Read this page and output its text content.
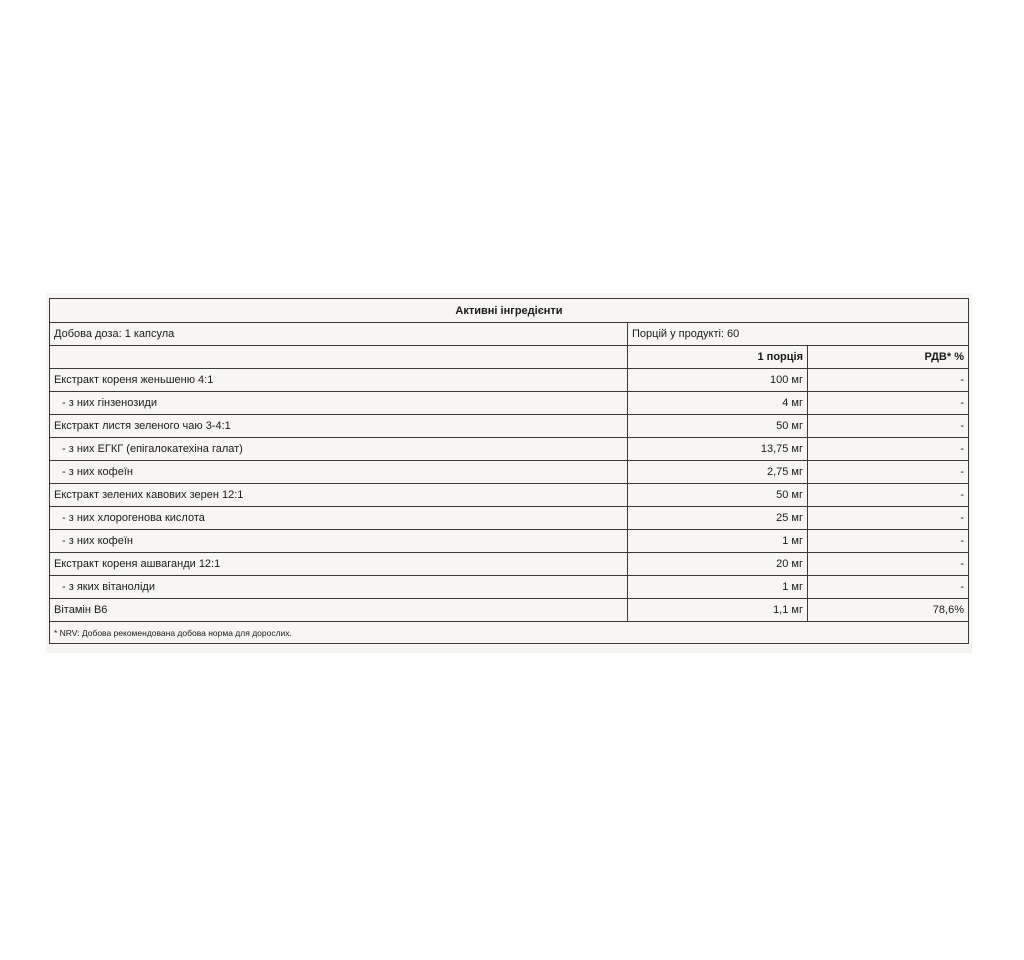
Активні інгредієнти		
Добова доза: 1 капсула	Порцій у продукті: 60	
	1 порція	РДВ* %
Екстракт кореня женьшеню 4:1	100 мг	-
- з них гінзенозиди	4 мг	-
Екстракт листя зеленого чаю 3-4:1	50 мг	-
- з них ЕГКГ (епігалокатехіна галат)	13,75 мг	-
- з них кофеїн	2,75 мг	-
Екстракт зелених кавових зерен 12:1	50 мг	-
- з них хлорогенова кислота	25 мг	-
- з них кофеїн	1 мг	-
Екстракт кореня ашваганди 12:1	20 мг	-
- з яких вітаноліди	1 мг	-
Вітамін B6	1,1 мг	78,6%
* NRV: Добова рекомендована добова норма для дорослих.		
